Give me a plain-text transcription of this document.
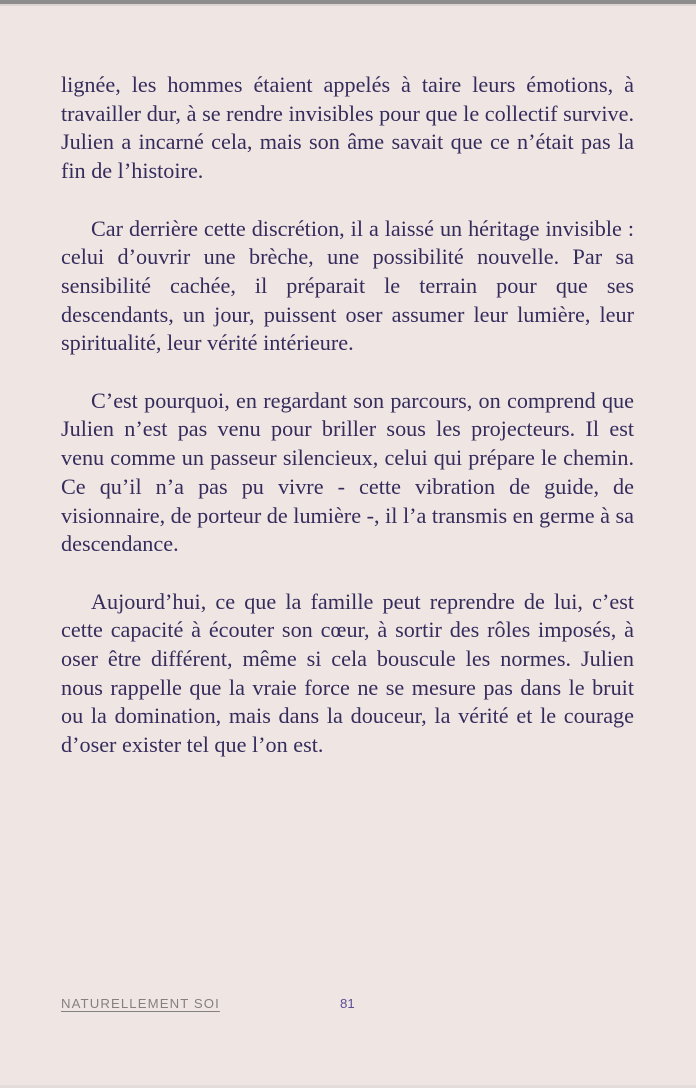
lignée, les hommes étaient appelés à taire leurs émotions, à travailler dur, à se rendre invisibles pour que le collectif survive. Julien a incarné cela, mais son âme savait que ce n’était pas la fin de l’histoire.

Car derrière cette discrétion, il a laissé un héritage invisible : celui d’ouvrir une brèche, une possibilité nouvelle. Par sa sensibilité cachée, il préparait le terrain pour que ses descendants, un jour, puissent oser assumer leur lumière, leur spiritualité, leur vérité intérieure.

C’est pourquoi, en regardant son parcours, on comprend que Julien n’est pas venu pour briller sous les projecteurs. Il est venu comme un passeur silencieux, celui qui prépare le chemin. Ce qu’il n’a pas pu vivre - cette vibration de guide, de visionnaire, de porteur de lumière -, il l’a transmis en germe à sa descendance.

Aujourd’hui, ce que la famille peut reprendre de lui, c’est cette capacité à écouter son cœur, à sortir des rôles imposés, à oser être différent, même si cela bouscule les normes. Julien nous rappelle que la vraie force ne se mesure pas dans le bruit ou la domination, mais dans la douceur, la vérité et le courage d’oser exister tel que l’on est.

NATURELLEMENT SOI	81
